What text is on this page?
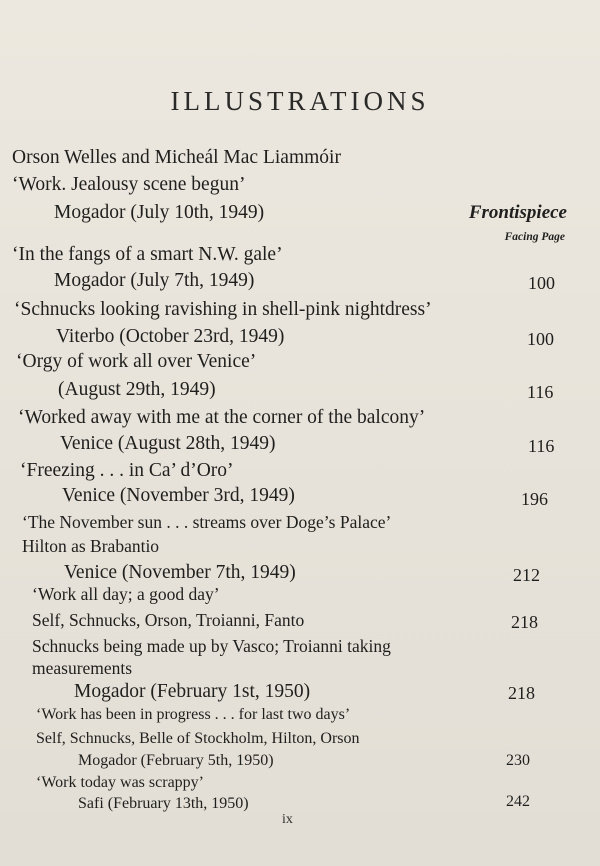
ILLUSTRATIONS
Orson Welles and Micheál Mac Liammóir
‘Work. Jealousy scene begun’
Mogador (July 10th, 1949)	Frontispiece
Facing Page
‘In the fangs of a smart N.W. gale’
Mogador (July 7th, 1949)	100
‘Schnucks looking ravishing in shell-pink nightdress’
Viterbo (October 23rd, 1949)	100
‘Orgy of work all over Venice’
(August 29th, 1949)	116
‘Worked away with me at the corner of the balcony’
Venice (August 28th, 1949)	116
‘Freezing . . . in Ca’ d’Oro’
Venice (November 3rd, 1949)	196
‘The November sun . . . streams over Doge’s Palace’
Hilton as Brabantio
Venice (November 7th, 1949)	212
‘Work all day; a good day’
Self, Schnucks, Orson, Troianni, Fanto	218
Schnucks being made up by Vasco; Troianni taking
measurements
Mogador (February 1st, 1950)	218
‘Work has been in progress . . . for last two days’
Self, Schnucks, Belle of Stockholm, Hilton, Orson
Mogador (February 5th, 1950)	230
‘Work today was scrappy’
Safi (February 13th, 1950)	242
ix
